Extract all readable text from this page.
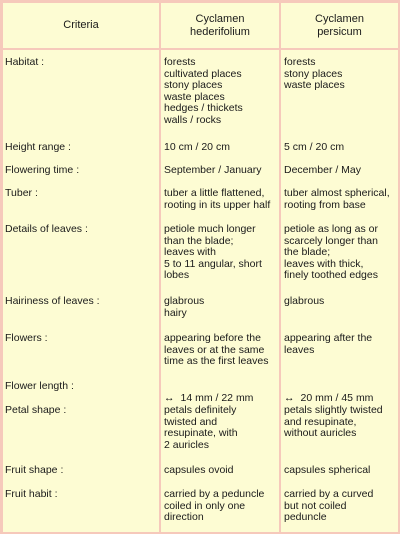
Criteria
Habitat :
Height range :
Flowering time :
Tuber :
Details of leaves :
Hairiness of leaves :
Flowers :
Flower length :
Petal shape :
Fruit shape :
Fruit habit :
Cyclamen
hederifolium
forests
cultivated places
stony places
waste places
hedges / thickets
walls / rocks
10 cm / 20 cm
September / January
tuber a little flattened,
rooting in its upper half
petiole much longer
than the blade;
leaves with
5 to 11 angular, short
lobes
glabrous
hairy
appearing before the
leaves or at the same
time as the first leaves

↔ 14 mm / 22 mm

petals definitely
twisted and
resupinate, with
2 auricles
capsules ovoid
carried by a peduncle
coiled in only one
direction
Cyclamen
persicum
forests
stony places
waste places
5 cm / 20 cm
December / May
tuber almost spherical,
rooting from base
petiole as long as or
scarcely longer than
the blade;
leaves with thick,
finely toothed edges
glabrous
appearing after the
leaves

↔ 20 mm / 45 mm

petals slightly twisted
and resupinate,
without auricles
capsules spherical
carried by a curved
but not coiled
peduncle
